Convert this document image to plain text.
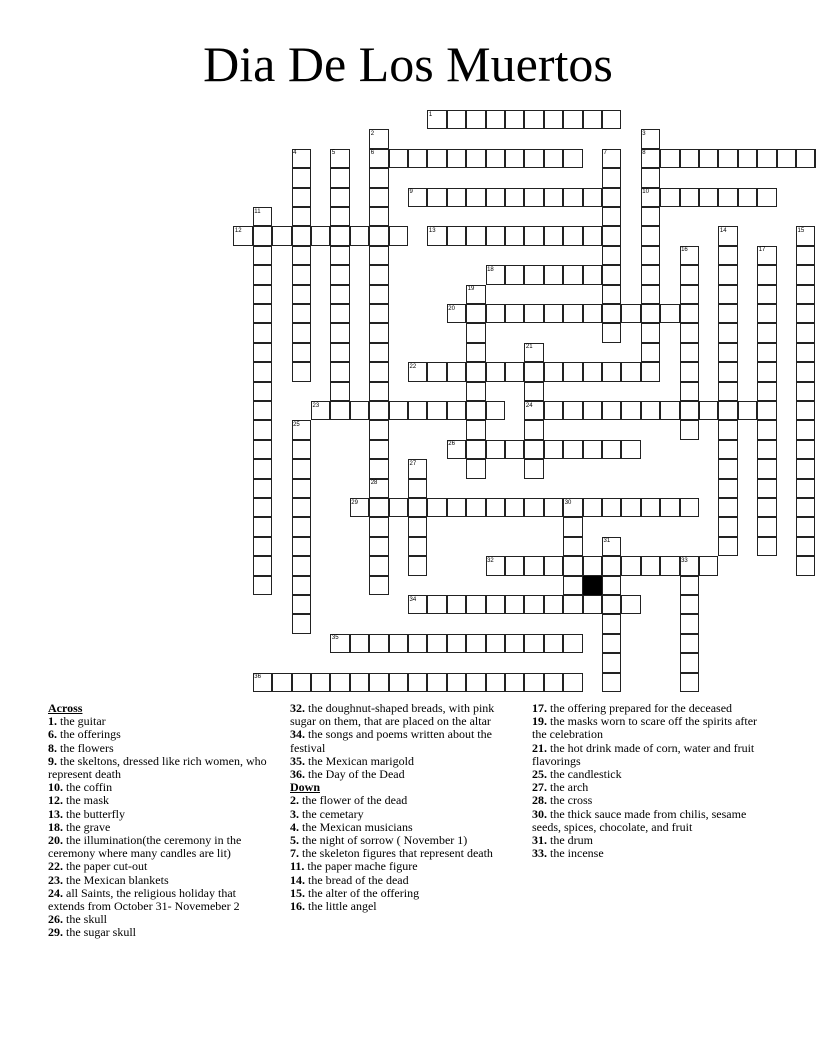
Dia De Los Muertos
1
2	3
4	5	6	7	8
9	10
11
12	13	14	15
16	17
18
19
20
21
22
23	24
25
26
27
28
29	30
31
32	33
34
35
36
Across
1. the guitar
6. the offerings
8. the flowers
9. the skeltons, dressed like rich women, who represent death
10. the coffin
12. the mask
13. the butterfly
18. the grave
20. the illumination(the ceremony in the ceremony where many candles are lit)
22. the paper cut-out
23. the Mexican blankets
24. all Saints, the religious holiday that extends from October 31- Novemeber 2
26. the skull
29. the sugar skull
32. the doughnut-shaped breads, with pink sugar on them, that are placed on the altar
34. the songs and poems written about the festival
35. the Mexican marigold
36. the Day of the Dead
Down
2. the flower of the dead
3. the cemetary
4. the Mexican musicians
5. the night of sorrow ( November 1)
7. the skeleton figures that represent death
11. the paper mache figure
14. the bread of the dead
15. the alter of the offering
16. the little angel
17. the offering prepared for the deceased
19. the masks worn to scare off the spirits after the celebration
21. the hot drink made of corn, water and fruit flavorings
25. the candlestick
27. the arch
28. the cross
30. the thick sauce made from chilis, sesame seeds, spices, chocolate, and fruit
31. the drum
33. the incense
